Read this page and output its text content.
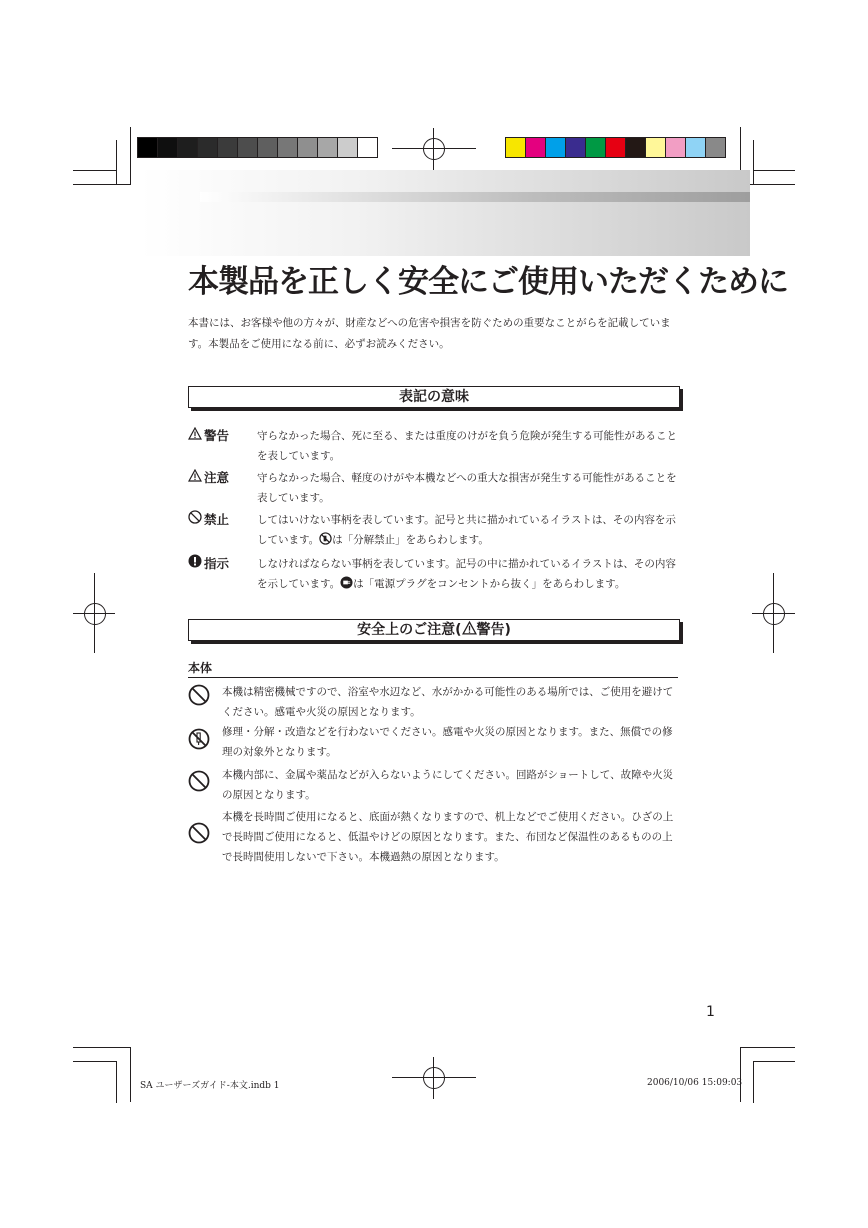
本製品を正しく安全にご使用いただくために
本書には、お客様や他の方々が、財産などへの危害や損害を防ぐための重要なことがらを記載しています。本製品をご使用になる前に、必ずお読みください。
表記の意味
警告	守らなかった場合、死に至る、または重度のけがを負う危険が発生する可能性があることを表しています。
注意	守らなかった場合、軽度のけがや本機などへの重大な損害が発生する可能性があることを表しています。
禁止	してはいけない事柄を表しています。記号と共に描かれているイラストは、その内容を示しています。 は「分解禁止」をあらわします。
指示	しなければならない事柄を表しています。記号の中に描かれているイラストは、その内容を示しています。 は「電源プラグをコンセントから抜く」をあらわします。
安全上のご注意( 警告)
本体
本機は精密機械ですので、浴室や水辺など、水がかかる可能性のある場所では、ご使用を避けてください。感電や火災の原因となります。
修理・分解・改造などを行わないでください。感電や火災の原因となります。また、無償での修理の対象外となります。
本機内部に、金属や薬品などが入らないようにしてください。回路がショートして、故障や火災の原因となります。
本機を長時間ご使用になると、底面が熱くなりますので、机上などでご使用ください。ひざの上で長時間ご使用になると、低温やけどの原因となります。また、布団など保温性のあるものの上で長時間使用しないで下さい。本機過熱の原因となります。
1
SA ユーザーズガイド-本文.indb 1	2006/10/06 15:09:03
